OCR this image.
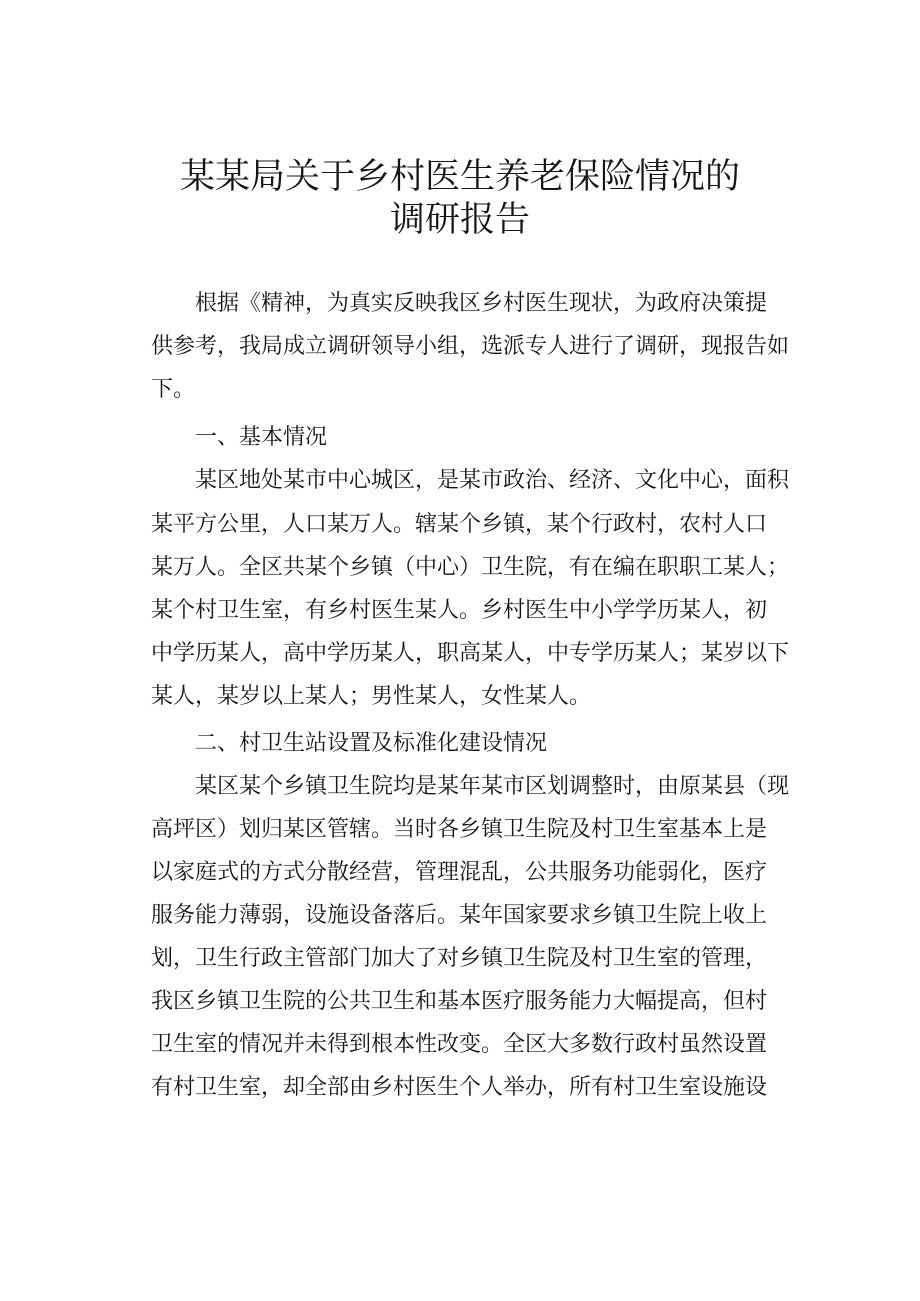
某某局关于乡村医生养老保险情况的
调研报告
根据《精神，为真实反映我区乡村医生现状，为政府决策提
供参考，我局成立调研领导小组，选派专人进行了调研，现报告如
下。
一、基本情况
某区地处某市中心城区，是某市政治、经济、文化中心，面积
某平方公里，人口某万人。辖某个乡镇，某个行政村，农村人口
某万人。全区共某个乡镇（中心）卫生院，有在编在职职工某人；
某个村卫生室，有乡村医生某人。乡村医生中小学学历某人，初
中学历某人，高中学历某人，职高某人，中专学历某人；某岁以下
某人，某岁以上某人；男性某人，女性某人。
二、村卫生站设置及标准化建设情况
某区某个乡镇卫生院均是某年某市区划调整时，由原某县（现
高坪区）划归某区管辖。当时各乡镇卫生院及村卫生室基本上是
以家庭式的方式分散经营，管理混乱，公共服务功能弱化，医疗
服务能力薄弱，设施设备落后。某年国家要求乡镇卫生院上收上
划，卫生行政主管部门加大了对乡镇卫生院及村卫生室的管理，
我区乡镇卫生院的公共卫生和基本医疗服务能力大幅提高，但村
卫生室的情况并未得到根本性改变。全区大多数行政村虽然设置
有村卫生室，却全部由乡村医生个人举办，所有村卫生室设施设
